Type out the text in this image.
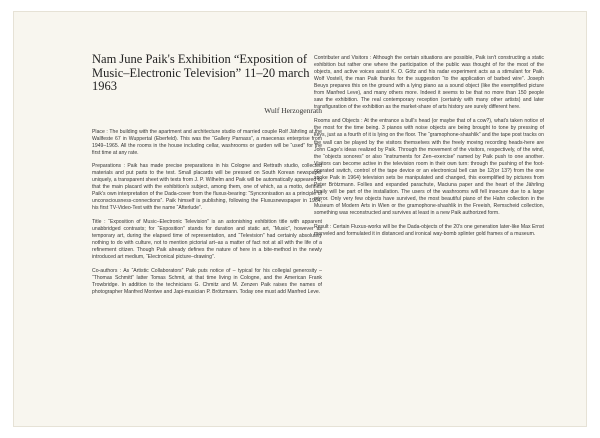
Nam June Paik's Exhibition “Exposition of Music–Electronic Television” 11–20 march 1963
Wulf Herzogenrath

Place : The building with the apartment and architecture studio of married couple Rolf Jährling at the Wallfeste 67 in Wuppertal (Eberfeld). This was the “Gallery Parnass”, a maecenas enterprise from 1949–1965. All the rooms in the house including cellar, washrooms or garden will be “used” for the first time at any rate.

Preparations : Paik has made precise preparations in his Cologne and Rettrath studio, collected materials and put parts to the test. Small placards will be pressed on South Korean newspaper uniquely, a transparent sheet with texts from J. P. Wilhelm and Paik will be automatically appeared to that the main placard with the exhibition's subject, among them, one of which, as a motto, defines Paik's own interpretation of the Dada-cover from the fluxus-bearing: “Syncronisation as a principle of unconsciousness-connections”. Paik himself is publishing, following the Fluxusnewspaper in 1964, his first TV-Video-Text with the name “Afterlude”.

Title : “Exposition of Music–Electronic Television” is an astonishing exhibition title with apparent unabbridged contrasts; for “Exposition” stands for duration and static art, “Music”, however as temporary art, during the elapsed time of representation, and “Television” had certainly absolutely nothing to do with culture, not to mention pictorial art–as a matter of fact not at all with the life of a refinement citizen. Though Paik already defines the nature of here in a bite-method in the newly introduced art medium, “Electronical picture–drawing”.

Co-authors : As “Artistic Collaborators” Paik puts notice of – typical for his collegial generosity – “Thomas Schmitt” latter Tomas Schmit, at that time living in Cologne, and the American Frank Trowbridge. In addition to the technicians G. Chmitz and M. Zenzen Paik raises the names of photographer Manfred Montwe and Japi-musician P. Brötzmann. Today one must add Manfred Leve.

Contributer and Visitors : Although the certain situations are possible, Paik isn't constructing a static exhibition but rather one where the participation of the public was thought of for the most of the objects, and active voices assist K. O. Götz and his radar experiment acts as a stimulant for Paik. Wolf Vostell, the man Paik thanks for the suggestion “to the application of barbed wire”. Joseph Beuys prepares this on the ground with a lying piano as a sound object (like the exemplified picture from Manfred Leve), and many others more. Indeed it seems to be that no more than 150 people saw the exhibition. The real contemporary reception (certainly with many other artists) and later transfiguration of the exhibition as the market-share of arts history are surely different here.

Rooms and Objects : At the entrance a bull's head (or maybe that of a cow?), what's taken notice of the most for the time being. 3 pianos with noise objects are being brought to tone by pressing of keys, just as a fourth of it is lying on the floor. The “gramophone-shashlik” and the tape post tracks on the wall can be played by the visitors themselves with the freely moving recording heads-here are John Cage's ideas realized by Paik. Through the movement of the visitors, respectively, of the wind, the “objects sonores” or also “instruments for Zen–exercise” named by Paik push to one another. Visitors can become active in the television room in their own turn: through the pushing of the foot-operated switch, control of the tape device or an electronical bell can be 12(or 13?) from the one spoke Paik in 1964) television sets be manipulated and changed, this exemplified by pictures from Peter Brötzmann. Follies and expanded parachute, Maciuna paper and the heart of the Jährling family will be part of the installation. The users of the washrooms will fell insecure due to a large mirror. Only very few objects have survived, the most beautiful piano of the Hahn collection in the Museum of Modern Arts in Wien or the gramophone-shashlik in the Freeish, Remscheid collection, something was reconstructed and survives at least in a new Paik authorized form.

Result : Certain Fluxus-works will be the Dada-objects of the 20's one generation later-like Max Ernst marveled and formulated it in distanced and ironical way-bomb splinter gold frames of a museum.
